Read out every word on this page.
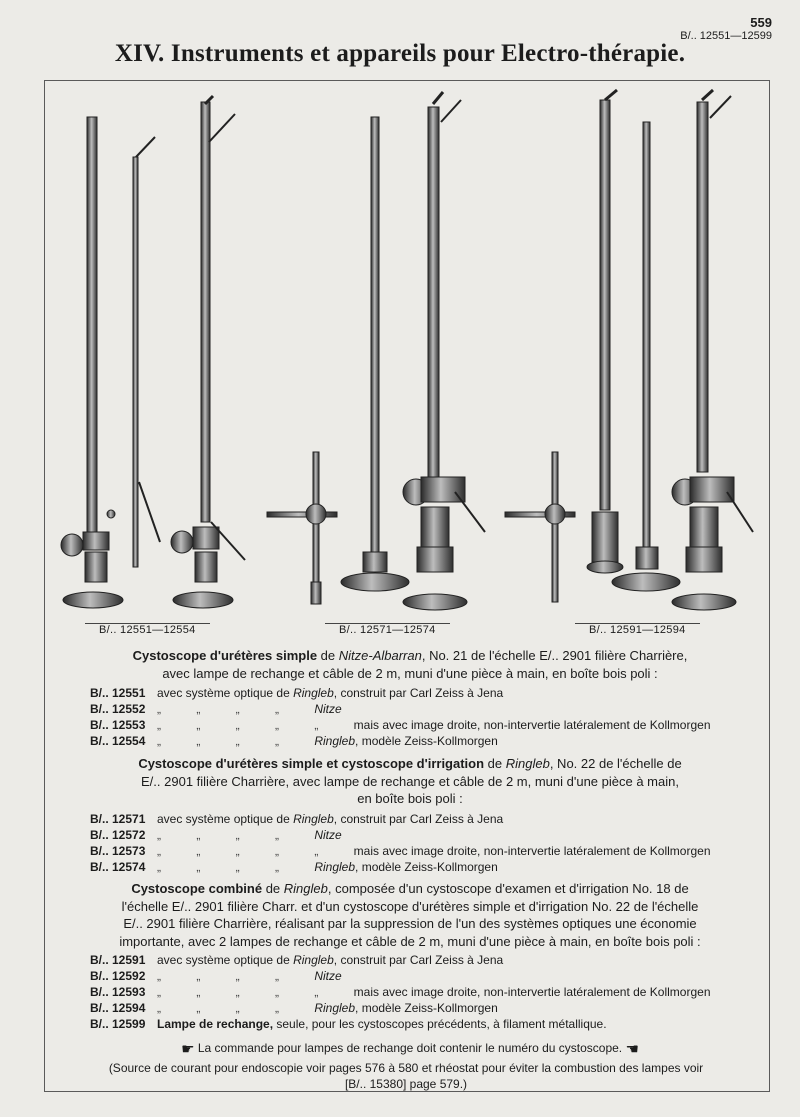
559
B/.. 12551—12599
XIV. Instruments et appareils pour Electro-thérapie.
B/.. 12551—12554	B/.. 12571—12574	B/.. 12591—12594
Cystoscope d'urétères simple de Nitze-Albarran, No. 21 de l'échelle E/.. 2901 filière Charrière,
avec lampe de rechange et câble de 2 m, muni d'une pièce à main, en boîte bois poli :
B/.. 12551 avec système optique de Ringleb, construit par Carl Zeiss à Jena
B/.. 12552 „ „ „ „ Nitze
B/.. 12553 „ „ „ „ „ mais avec image droite, non-intervertie latéralement de Kollmorgen
B/.. 12554 „ „ „ „ Ringleb, modèle Zeiss-Kollmorgen
Cystoscope d'urétères simple et cystoscope d'irrigation de Ringleb, No. 22 de l'échelle de
E/.. 2901 filière Charrière, avec lampe de rechange et câble de 2 m, muni d'une pièce à main,
en boîte bois poli :
B/.. 12571 avec système optique de Ringleb, construit par Carl Zeiss à Jena
B/.. 12572 „ „ „ „ Nitze
B/.. 12573 „ „ „ „ „ mais avec image droite, non-intervertie latéralement de Kollmorgen
B/.. 12574 „ „ „ „ Ringleb, modèle Zeiss-Kollmorgen
Cystoscope combiné de Ringleb, composée d'un cystoscope d'examen et d'irrigation No. 18 de
l'échelle E/.. 2901 filière Charr. et d'un cystoscope d'urétères simple et d'irrigation No. 22 de l'échelle
E/.. 2901 filière Charrière, réalisant par la suppression de l'un des systèmes optiques une économie
importante, avec 2 lampes de rechange et câble de 2 m, muni d'une pièce à main, en boîte bois poli :
B/.. 12591 avec système optique de Ringleb, construit par Carl Zeiss à Jena
B/.. 12592 „ „ „ „ Nitze
B/.. 12593 „ „ „ „ „ mais avec image droite, non-intervertie latéralement de Kollmorgen
B/.. 12594 „ „ „ „ Ringleb, modèle Zeiss-Kollmorgen
B/.. 12599 Lampe de rechange, seule, pour les cystoscopes précédents, à filament métallique.
☛ La commande pour lampes de rechange doit contenir le numéro du cystoscope. ☚
(Source de courant pour endoscopie voir pages 576 à 580 et rhéostat pour éviter la combustion des lampes voir
[B/.. 15380] page 579.)
